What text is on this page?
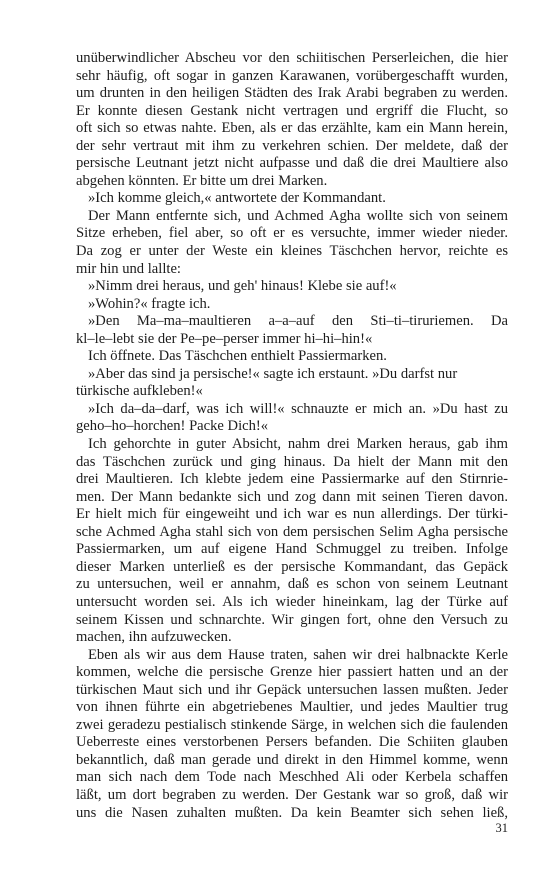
unüberwindlicher Abscheu vor den schiitischen Perserleichen, die hier
sehr häufig, oft sogar in ganzen Karawanen, vorübergeschafft wurden,
um drunten in den heiligen Städten des Irak Arabi begraben zu werden.
Er konnte diesen Gestank nicht vertragen und ergriff die Flucht, so
oft sich so etwas nahte. Eben, als er das erzählte, kam ein Mann herein,
der sehr vertraut mit ihm zu verkehren schien. Der meldete, daß der
persische Leutnant jetzt nicht aufpasse und daß die drei Maultiere also
abgehen könnten. Er bitte um drei Marken.
»Ich komme gleich,« antwortete der Kommandant.
Der Mann entfernte sich, und Achmed Agha wollte sich von seinem
Sitze erheben, fiel aber, so oft er es versuchte, immer wieder nieder.
Da zog er unter der Weste ein kleines Täschchen hervor, reichte es
mir hin und lallte:
»Nimm drei heraus, und geh' hinaus! Klebe sie auf!«
»Wohin?« fragte ich.
»Den Ma–ma–maultieren a–a–auf den Sti–ti–tiruriemen. Da
kl–le–lebt sie der Pe–pe–perser immer hi–hi–hin!«
Ich öffnete. Das Täschchen enthielt Passiermarken.
»Aber das sind ja persische!« sagte ich erstaunt. »Du darfst nur
türkische aufkleben!«
»Ich da–da–darf, was ich will!« schnauzte er mich an. »Du hast zu
geho–ho–horchen! Packe Dich!«
Ich gehorchte in guter Absicht, nahm drei Marken heraus, gab ihm
das Täschchen zurück und ging hinaus. Da hielt der Mann mit den
drei Maultieren. Ich klebte jedem eine Passiermarke auf den Stirnrie-
men. Der Mann bedankte sich und zog dann mit seinen Tieren davon.
Er hielt mich für eingeweiht und ich war es nun allerdings. Der türki-
sche Achmed Agha stahl sich von dem persischen Selim Agha persische
Passiermarken, um auf eigene Hand Schmuggel zu treiben. Infolge
dieser Marken unterließ es der persische Kommandant, das Gepäck
zu untersuchen, weil er annahm, daß es schon von seinem Leutnant
untersucht worden sei. Als ich wieder hineinkam, lag der Türke auf
seinem Kissen und schnarchte. Wir gingen fort, ohne den Versuch zu
machen, ihn aufzuwecken.
Eben als wir aus dem Hause traten, sahen wir drei halbnackte Kerle
kommen, welche die persische Grenze hier passiert hatten und an der
türkischen Maut sich und ihr Gepäck untersuchen lassen mußten. Jeder
von ihnen führte ein abgetriebenes Maultier, und jedes Maultier trug
zwei geradezu pestialisch stinkende Särge, in welchen sich die faulenden
Ueberreste eines verstorbenen Persers befanden. Die Schiiten glauben
bekanntlich, daß man gerade und direkt in den Himmel komme, wenn
man sich nach dem Tode nach Meschhed Ali oder Kerbela schaffen
läßt, um dort begraben zu werden. Der Gestank war so groß, daß wir
uns die Nasen zuhalten mußten. Da kein Beamter sich sehen ließ,
31
